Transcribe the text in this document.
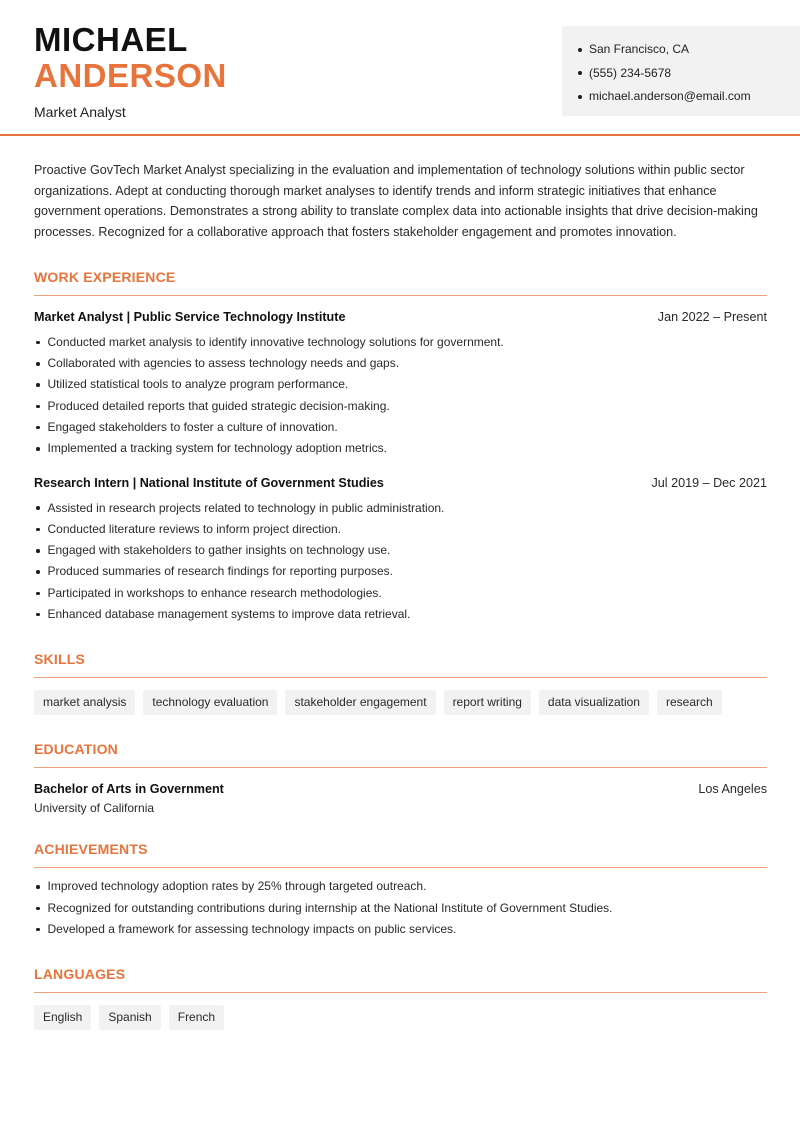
MICHAEL
ANDERSON
Market Analyst
San Francisco, CA
(555) 234-5678
michael.anderson@email.com

Proactive GovTech Market Analyst specializing in the evaluation and implementation of technology solutions within public sector organizations. Adept at conducting thorough market analyses to identify trends and inform strategic initiatives that enhance government operations. Demonstrates a strong ability to translate complex data into actionable insights that drive decision-making processes. Recognized for a collaborative approach that fosters stakeholder engagement and promotes innovation.

WORK EXPERIENCE
Market Analyst | Public Service Technology Institute	Jan 2022 – Present
Conducted market analysis to identify innovative technology solutions for government.
Collaborated with agencies to assess technology needs and gaps.
Utilized statistical tools to analyze program performance.
Produced detailed reports that guided strategic decision-making.
Engaged stakeholders to foster a culture of innovation.
Implemented a tracking system for technology adoption metrics.
Research Intern | National Institute of Government Studies	Jul 2019 – Dec 2021
Assisted in research projects related to technology in public administration.
Conducted literature reviews to inform project direction.
Engaged with stakeholders to gather insights on technology use.
Produced summaries of research findings for reporting purposes.
Participated in workshops to enhance research methodologies.
Enhanced database management systems to improve data retrieval.
SKILLS
market analysis	technology evaluation	stakeholder engagement	report writing	data visualization	research
EDUCATION
Bachelor of Arts in Government	Los Angeles
University of California
ACHIEVEMENTS
Improved technology adoption rates by 25% through targeted outreach.
Recognized for outstanding contributions during internship at the National Institute of Government Studies.
Developed a framework for assessing technology impacts on public services.
LANGUAGES
English	Spanish	French
